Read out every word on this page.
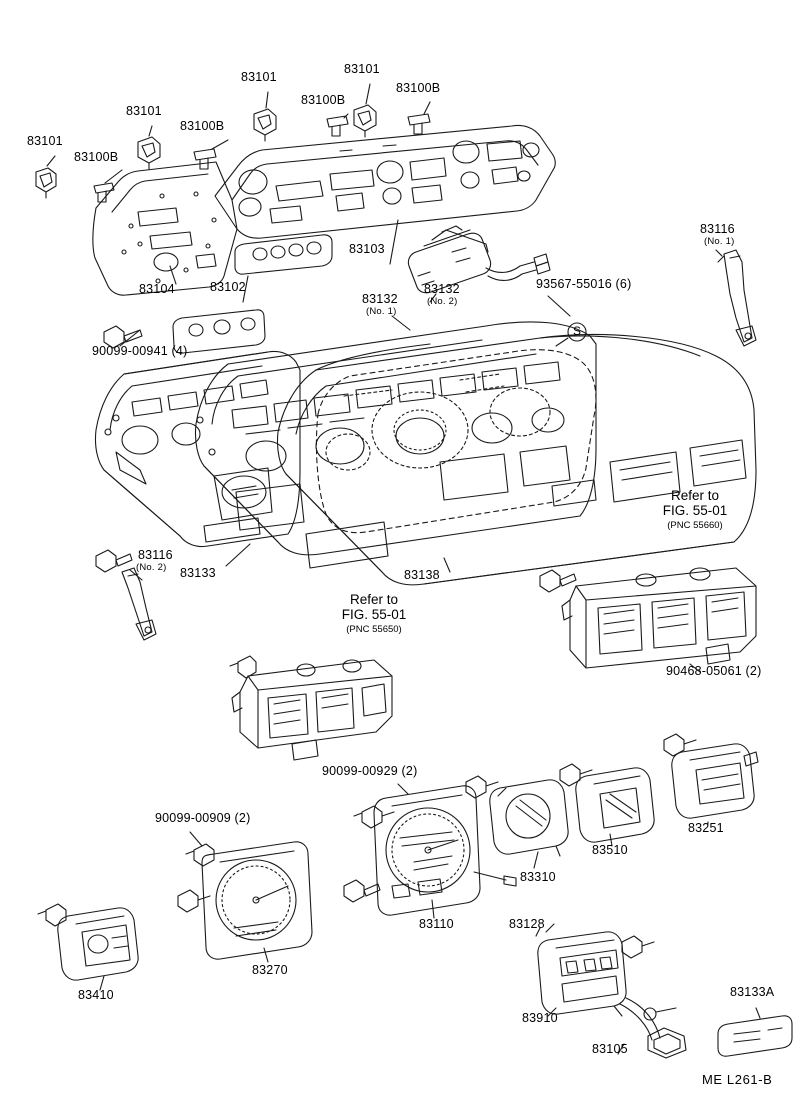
83101
83100B
83101
83100B
83101
83100B
83101
83100B
83103
83104	83102
90099-00941 (4)
83132
(No. 2)
83132
(No. 1)
93567-55016 (6)
83116
(No. 1)
83116
(No. 2) 83133	83138
90468-05061 (2)
90099-00929 (2)
90099-00909 (2)
83251
83510
83310
83110	83128
83270
83410
83910
83105
83133A
Refer to
FIG. 55-01
(PNC 55660)
Refer to
FIG. 55-01
(PNC 55650)
S
ME L261-B
